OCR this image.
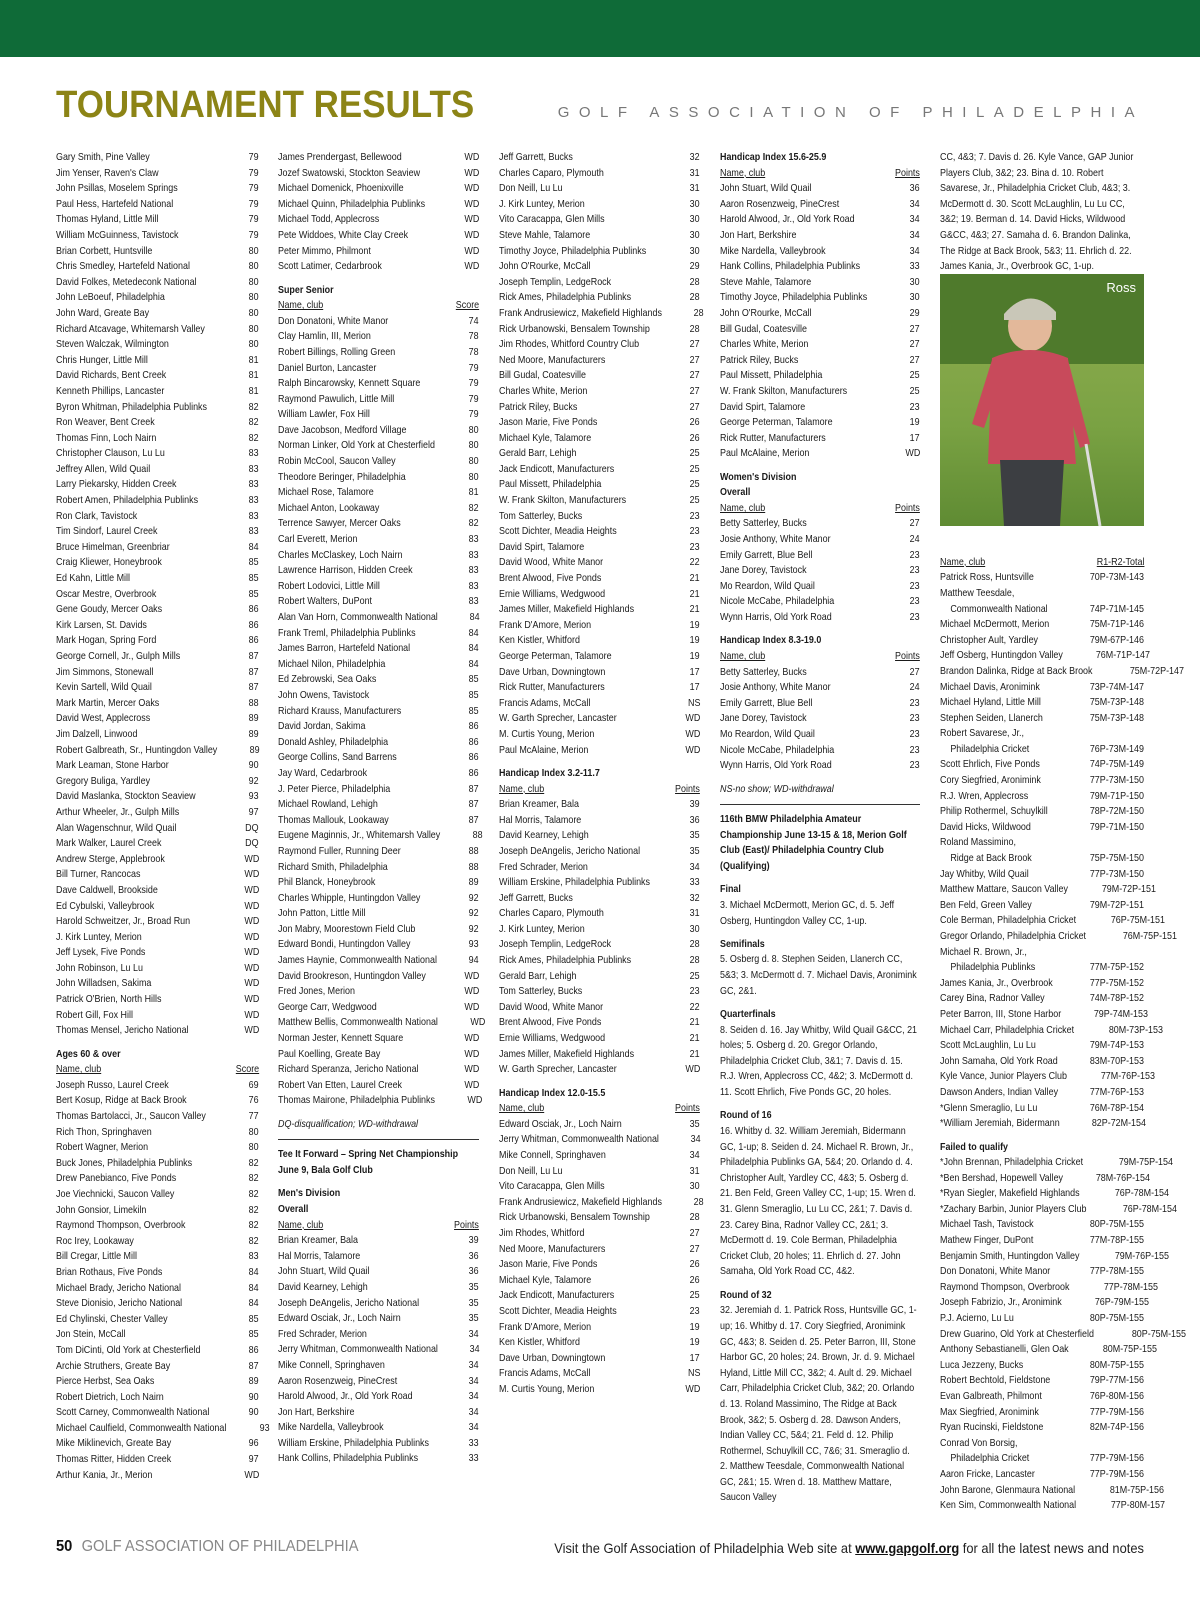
TOURNAMENT RESULTS	GOLF ASSOCIATION OF PHILADELPHIA
Gary Smith, Pine Valley	79
Jim Yenser, Raven's Claw	79
John Psillas, Moselem Springs	79
Paul Hess, Hartefeld National	79
Thomas Hyland, Little Mill	79
William McGuinness, Tavistock	79
Brian Corbett, Huntsville	80
Chris Smedley, Hartefeld National	80
David Folkes, Metedeconk National	80
John LeBoeuf, Philadelphia	80
John Ward, Greate Bay	80
Richard Atcavage, Whitemarsh Valley	80
Steven Walczak, Wilmington	80
Chris Hunger, Little Mill	81
David Richards, Bent Creek	81
Kenneth Phillips, Lancaster	81
Byron Whitman, Philadelphia Publinks	82
Ron Weaver, Bent Creek	82
Thomas Finn, Loch Nairn	82
Christopher Clauson, Lu Lu	83
Jeffrey Allen, Wild Quail	83
Larry Piekarsky, Hidden Creek	83
Robert Amen, Philadelphia Publinks	83
Ron Clark, Tavistock	83
Tim Sindorf, Laurel Creek	83
Bruce Himelman, Greenbriar	84
Craig Kliewer, Honeybrook	85
Ed Kahn, Little Mill	85
Oscar Mestre, Overbrook	85
Gene Goudy, Mercer Oaks	86
Kirk Larsen, St. Davids	86
Mark Hogan, Spring Ford	86
George Cornell, Jr., Gulph Mills	87
Jim Simmons, Stonewall	87
Kevin Sartell, Wild Quail	87
Mark Martin, Mercer Oaks	88
David West, Applecross	89
Jim Dalzell, Linwood	89
Robert Galbreath, Sr., Huntingdon Valley	89
Mark Leaman, Stone Harbor	90
Gregory Buliga, Yardley	92
David Maslanka, Stockton Seaview	93
Arthur Wheeler, Jr., Gulph Mills	97
Alan Wagenschnur, Wild Quail	DQ
Mark Walker, Laurel Creek	DQ
Andrew Sterge, Applebrook	WD
Bill Turner, Rancocas	WD
Dave Caldwell, Brookside	WD
Ed Cybulski, Valleybrook	WD
Harold Schweitzer, Jr., Broad Run	WD
J. Kirk Luntey, Merion	WD
Jeff Lysek, Five Ponds	WD
John Robinson, Lu Lu	WD
John Willadsen, Sakima	WD
Patrick O'Brien, North Hills	WD
Robert Gill, Fox Hill	WD
Thomas Mensel, Jericho National	WD
Ages 60 & over
Name, club	Score
Joseph Russo, Laurel Creek	69
Bert Kosup, Ridge at Back Brook	76
Thomas Bartolacci, Jr., Saucon Valley	77
Rich Thon, Springhaven	80
Robert Wagner, Merion	80
Buck Jones, Philadelphia Publinks	82
Drew Panebianco, Five Ponds	82
Joe Viechnicki, Saucon Valley	82
John Gonsior, Limekiln	82
Raymond Thompson, Overbrook	82
Roc Irey, Lookaway	82
Bill Cregar, Little Mill	83
Brian Rothaus, Five Ponds	84
Michael Brady, Jericho National	84
Steve Dionisio, Jericho National	84
Ed Chylinski, Chester Valley	85
Jon Stein, McCall	85
Tom DiCinti, Old York at Chesterfield	86
Archie Struthers, Greate Bay	87
Pierce Herbst, Sea Oaks	89
Robert Dietrich, Loch Nairn	90
Scott Carney, Commonwealth National	90
Michael Caulfield, Commonwealth National	93
Mike Miklinevich, Greate Bay	96
Thomas Ritter, Hidden Creek	97
Arthur Kania, Jr., Merion	WD
James Prendergast, Bellewood	WD
Jozef Swatowski, Stockton Seaview	WD
Michael Domenick, Phoenixville	WD
Michael Quinn, Philadelphia Publinks	WD
Michael Todd, Applecross	WD
Pete Widdoes, White Clay Creek	WD
Peter Mimmo, Philmont	WD
Scott Latimer, Cedarbrook	WD
Super Senior
Name, club	Score
Don Donatoni, White Manor	74
Clay Hamlin, III, Merion	78
Robert Billings, Rolling Green	78
Daniel Burton, Lancaster	79
Ralph Bincarowsky, Kennett Square	79
Raymond Pawulich, Little Mill	79
William Lawler, Fox Hill	79
Dave Jacobson, Medford Village	80
Norman Linker, Old York at Chesterfield	80
Robin McCool, Saucon Valley	80
Theodore Beringer, Philadelphia	80
Michael Rose, Talamore	81
Michael Anton, Lookaway	82
Terrence Sawyer, Mercer Oaks	82
Carl Everett, Merion	83
Charles McClaskey, Loch Nairn	83
Lawrence Harrison, Hidden Creek	83
Robert Lodovici, Little Mill	83
Robert Walters, DuPont	83
Alan Van Horn, Commonwealth National	84
Frank Treml, Philadelphia Publinks	84
James Barron, Hartefeld National	84
Michael Nilon, Philadelphia	84
Ed Zebrowski, Sea Oaks	85
John Owens, Tavistock	85
Richard Krauss, Manufacturers	85
David Jordan, Sakima	86
Donald Ashley, Philadelphia	86
George Collins, Sand Barrens	86
Jay Ward, Cedarbrook	86
J. Peter Pierce, Philadelphia	87
Michael Rowland, Lehigh	87
Thomas Mallouk, Lookaway	87
Eugene Maginnis, Jr., Whitemarsh Valley	88
Raymond Fuller, Running Deer	88
Richard Smith, Philadelphia	88
Phil Blanck, Honeybrook	89
Charles Whipple, Huntingdon Valley	92
John Patton, Little Mill	92
Jon Mabry, Moorestown Field Club	92
Edward Bondi, Huntingdon Valley	93
James Haynie, Commonwealth National	94
David Brookreson, Huntingdon Valley	WD
Fred Jones, Merion	WD
George Carr, Wedgwood	WD
Matthew Bellis, Commonwealth National	WD
Norman Jester, Kennett Square	WD
Paul Koelling, Greate Bay	WD
Richard Speranza, Jericho National	WD
Robert Van Etten, Laurel Creek	WD
Thomas Mairone, Philadelphia Publinks	WD
DQ-disqualification; WD-withdrawal
Tee It Forward – Spring Net Championship
June 9, Bala Golf Club
Men's Division
Overall
Name, club	Points
Brian Kreamer, Bala	39
Hal Morris, Talamore	36
John Stuart, Wild Quail	36
David Kearney, Lehigh	35
Joseph DeAngelis, Jericho National	35
Edward Osciak, Jr., Loch Nairn	35
Fred Schrader, Merion	34
Jerry Whitman, Commonwealth National	34
Mike Connell, Springhaven	34
Aaron Rosenzweig, PineCrest	34
Harold Alwood, Jr., Old York Road	34
Jon Hart, Berkshire	34
Mike Nardella, Valleybrook	34
William Erskine, Philadelphia Publinks	33
Hank Collins, Philadelphia Publinks	33
Jeff Garrett, Bucks	32
Charles Caparo, Plymouth	31
Don Neill, Lu Lu	31
J. Kirk Luntey, Merion	30
Vito Caracappa, Glen Mills	30
Steve Mahle, Talamore	30
Timothy Joyce, Philadelphia Publinks	30
John O'Rourke, McCall	29
Joseph Templin, LedgeRock	28
Rick Ames, Philadelphia Publinks	28
Frank Andrusiewicz, Makefield Highlands	28
Rick Urbanowski, Bensalem Township	28
Jim Rhodes, Whitford Country Club	27
Ned Moore, Manufacturers	27
Bill Gudal, Coatesville	27
Charles White, Merion	27
Patrick Riley, Bucks	27
Jason Marie, Five Ponds	26
Michael Kyle, Talamore	26
Gerald Barr, Lehigh	25
Jack Endicott, Manufacturers	25
Paul Missett, Philadelphia	25
W. Frank Skilton, Manufacturers	25
Tom Satterley, Bucks	23
Scott Dichter, Meadia Heights	23
David Spirt, Talamore	23
David Wood, White Manor	22
Brent Alwood, Five Ponds	21
Ernie Williams, Wedgwood	21
James Miller, Makefield Highlands	21
Frank D'Amore, Merion	19
Ken Kistler, Whitford	19
George Peterman, Talamore	19
Dave Urban, Downingtown	17
Rick Rutter, Manufacturers	17
Francis Adams, McCall	NS
W. Garth Sprecher, Lancaster	WD
M. Curtis Young, Merion	WD
Paul McAlaine, Merion	WD
Handicap Index 3.2-11.7
Name, club	Points
Brian Kreamer, Bala	39
Hal Morris, Talamore	36
David Kearney, Lehigh	35
Joseph DeAngelis, Jericho National	35
Fred Schrader, Merion	34
William Erskine, Philadelphia Publinks	33
Jeff Garrett, Bucks	32
Charles Caparo, Plymouth	31
J. Kirk Luntey, Merion	30
Joseph Templin, LedgeRock	28
Rick Ames, Philadelphia Publinks	28
Gerald Barr, Lehigh	25
Tom Satterley, Bucks	23
David Wood, White Manor	22
Brent Alwood, Five Ponds	21
Ernie Williams, Wedgwood	21
James Miller, Makefield Highlands	21
W. Garth Sprecher, Lancaster	WD
Handicap Index 12.0-15.5
Name, club	Points
Edward Osciak, Jr., Loch Nairn	35
Jerry Whitman, Commonwealth National	34
Mike Connell, Springhaven	34
Don Neill, Lu Lu	31
Vito Caracappa, Glen Mills	30
Frank Andrusiewicz, Makefield Highlands	28
Rick Urbanowski, Bensalem Township	28
Jim Rhodes, Whitford	27
Ned Moore, Manufacturers	27
Jason Marie, Five Ponds	26
Michael Kyle, Talamore	26
Jack Endicott, Manufacturers	25
Scott Dichter, Meadia Heights	23
Frank D'Amore, Merion	19
Ken Kistler, Whitford	19
Dave Urban, Downingtown	17
Francis Adams, McCall	NS
M. Curtis Young, Merion	WD
Handicap Index 15.6-25.9
Name, club	Points
John Stuart, Wild Quail	36
Aaron Rosenzweig, PineCrest	34
Harold Alwood, Jr., Old York Road	34
Jon Hart, Berkshire	34
Mike Nardella, Valleybrook	34
Hank Collins, Philadelphia Publinks	33
Steve Mahle, Talamore	30
Timothy Joyce, Philadelphia Publinks	30
John O'Rourke, McCall	29
Bill Gudal, Coatesville	27
Charles White, Merion	27
Patrick Riley, Bucks	27
Paul Missett, Philadelphia	25
W. Frank Skilton, Manufacturers	25
David Spirt, Talamore	23
George Peterman, Talamore	19
Rick Rutter, Manufacturers	17
Paul McAlaine, Merion	WD
Women's Division
Overall
Name, club	Points
Betty Satterley, Bucks	27
Josie Anthony, White Manor	24
Emily Garrett, Blue Bell	23
Jane Dorey, Tavistock	23
Mo Reardon, Wild Quail	23
Nicole McCabe, Philadelphia	23
Wynn Harris, Old York Road	23
Handicap Index 8.3-19.0
Name, club	Points
Betty Satterley, Bucks	27
Josie Anthony, White Manor	24
Emily Garrett, Blue Bell	23
Jane Dorey, Tavistock	23
Mo Reardon, Wild Quail	23
Nicole McCabe, Philadelphia	23
Wynn Harris, Old York Road	23
NS-no show; WD-withdrawal
116th BMW Philadelphia Amateur Championship June 13-15 & 18, Merion Golf Club (East)/ Philadelphia Country Club (Qualifying)
Final
3. Michael McDermott, Merion GC, d. 5. Jeff Osberg, Huntingdon Valley CC, 1-up.
Semifinals
5. Osberg d. 8. Stephen Seiden, Llanerch CC, 5&3; 3. McDermott d. 7. Michael Davis, Aronimink GC, 2&1.
Quarterfinals
8. Seiden d. 16. Jay Whitby, Wild Quail G&CC, 21 holes; 5. Osberg d. 20. Gregor Orlando, Philadelphia Cricket Club, 3&1; 7. Davis d. 15. R.J. Wren, Applecross CC, 4&2; 3. McDermott d. 11. Scott Ehrlich, Five Ponds GC, 20 holes.
Round of 16
16. Whitby d. 32. William Jeremiah, Bidermann GC, 1-up; 8. Seiden d. 24. Michael R. Brown, Jr., Philadelphia Publinks GA, 5&4; 20. Orlando d. 4. Christopher Ault, Yardley CC, 4&3; 5. Osberg d. 21. Ben Feld, Green Valley CC, 1-up; 15. Wren d. 31. Glenn Smeraglio, Lu Lu CC, 2&1; 7. Davis d. 23. Carey Bina, Radnor Valley CC, 2&1; 3. McDermott d. 19. Cole Berman, Philadelphia Cricket Club, 20 holes; 11. Ehrlich d. 27. John Samaha, Old York Road CC, 4&2.
Round of 32
32. Jeremiah d. 1. Patrick Ross, Huntsville GC, 1-up; 16. Whitby d. 17. Cory Siegfried, Aronimink GC, 4&3; 8. Seiden d. 25. Peter Barron, III, Stone Harbor GC, 20 holes; 24. Brown, Jr. d. 9. Michael Hyland, Little Mill CC, 3&2; 4. Ault d. 29. Michael Carr, Philadelphia Cricket Club, 3&2; 20. Orlando d. 13. Roland Massimino, The Ridge at Back Brook, 3&2; 5. Osberg d. 28. Dawson Anders, Indian Valley CC, 5&4; 21. Feld d. 12. Philip Rothermel, Schuylkill CC, 7&6; 31. Smeraglio d. 2. Matthew Teesdale, Commonwealth National GC, 2&1; 15. Wren d. 18. Matthew Mattare, Saucon Valley
CC, 4&3; 7. Davis d. 26. Kyle Vance, GAP Junior Players Club, 3&2; 23. Bina d. 10. Robert Savarese, Jr., Philadelphia Cricket Club, 4&3; 3. McDermott d. 30. Scott McLaughlin, Lu Lu CC, 3&2; 19. Berman d. 14. David Hicks, Wildwood G&CC, 4&3; 27. Samaha d. 6. Brandon Dalinka, The Ridge at Back Brook, 5&3; 11. Ehrlich d. 22. James Kania, Jr., Overbrook GC, 1-up.
Name, club	R1-R2-Total
Patrick Ross, Huntsville	70P-73M-143
Matthew Teesdale,
Commonwealth National	74P-71M-145
Michael McDermott, Merion	75M-71P-146
Christopher Ault, Yardley	79M-67P-146
Jeff Osberg, Huntingdon Valley	76M-71P-147
Brandon Dalinka, Ridge at Back Brook	75M-72P-147
Michael Davis, Aronimink	73P-74M-147
Michael Hyland, Little Mill	75M-73P-148
Stephen Seiden, Llanerch	75M-73P-148
Robert Savarese, Jr.,
Philadelphia Cricket	76P-73M-149
Scott Ehrlich, Five Ponds	74P-75M-149
Cory Siegfried, Aronimink	77P-73M-150
R.J. Wren, Applecross	79M-71P-150
Philip Rothermel, Schuylkill	78P-72M-150
David Hicks, Wildwood	79P-71M-150
Roland Massimino,
Ridge at Back Brook	75P-75M-150
Jay Whitby, Wild Quail	77P-73M-150
Matthew Mattare, Saucon Valley	79M-72P-151
Ben Feld, Green Valley	79M-72P-151
Cole Berman, Philadelphia Cricket	76P-75M-151
Gregor Orlando, Philadelphia Cricket	76M-75P-151
Michael R. Brown, Jr.,
Philadelphia Publinks	77M-75P-152
James Kania, Jr., Overbrook	77P-75M-152
Carey Bina, Radnor Valley	74M-78P-152
Peter Barron, III, Stone Harbor	79P-74M-153
Michael Carr, Philadelphia Cricket	80M-73P-153
Scott McLaughlin, Lu Lu	79M-74P-153
John Samaha, Old York Road	83M-70P-153
Kyle Vance, Junior Players Club	77M-76P-153
Dawson Anders, Indian Valley	77M-76P-153
*Glenn Smeraglio, Lu Lu	76M-78P-154
*William Jeremiah, Bidermann	82P-72M-154
Failed to qualify
*John Brennan, Philadelphia Cricket	79M-75P-154
*Ben Bershad, Hopewell Valley	78M-76P-154
*Ryan Siegler, Makefield Highlands	76P-78M-154
*Zachary Barbin, Junior Players Club	76P-78M-154
Michael Tash, Tavistock	80P-75M-155
Mathew Finger, DuPont	77M-78P-155
Benjamin Smith, Huntingdon Valley	79M-76P-155
Don Donatoni, White Manor	77P-78M-155
Raymond Thompson, Overbrook	77P-78M-155
Joseph Fabrizio, Jr., Aronimink	76P-79M-155
P.J. Acierno, Lu Lu	80P-75M-155
Drew Guarino, Old York at Chesterfield	80P-75M-155
Anthony Sebastianelli, Glen Oak	80M-75P-155
Luca Jezzeny, Bucks	80M-75P-155
Robert Bechtold, Fieldstone	79P-77M-156
Evan Galbreath, Philmont	76P-80M-156
Max Siegfried, Aronimink	77P-79M-156
Ryan Rucinski, Fieldstone	82M-74P-156
Conrad Von Borsig,
Philadelphia Cricket	77P-79M-156
Aaron Fricke, Lancaster	77P-79M-156
John Barone, Glenmaura National	81M-75P-156
Ken Sim, Commonwealth National	77P-80M-157
Ross
50 GOLF ASSOCIATION OF PHILADELPHIA	Visit the Golf Association of Philadelphia Web site at www.gapgolf.org for all the latest news and notes
